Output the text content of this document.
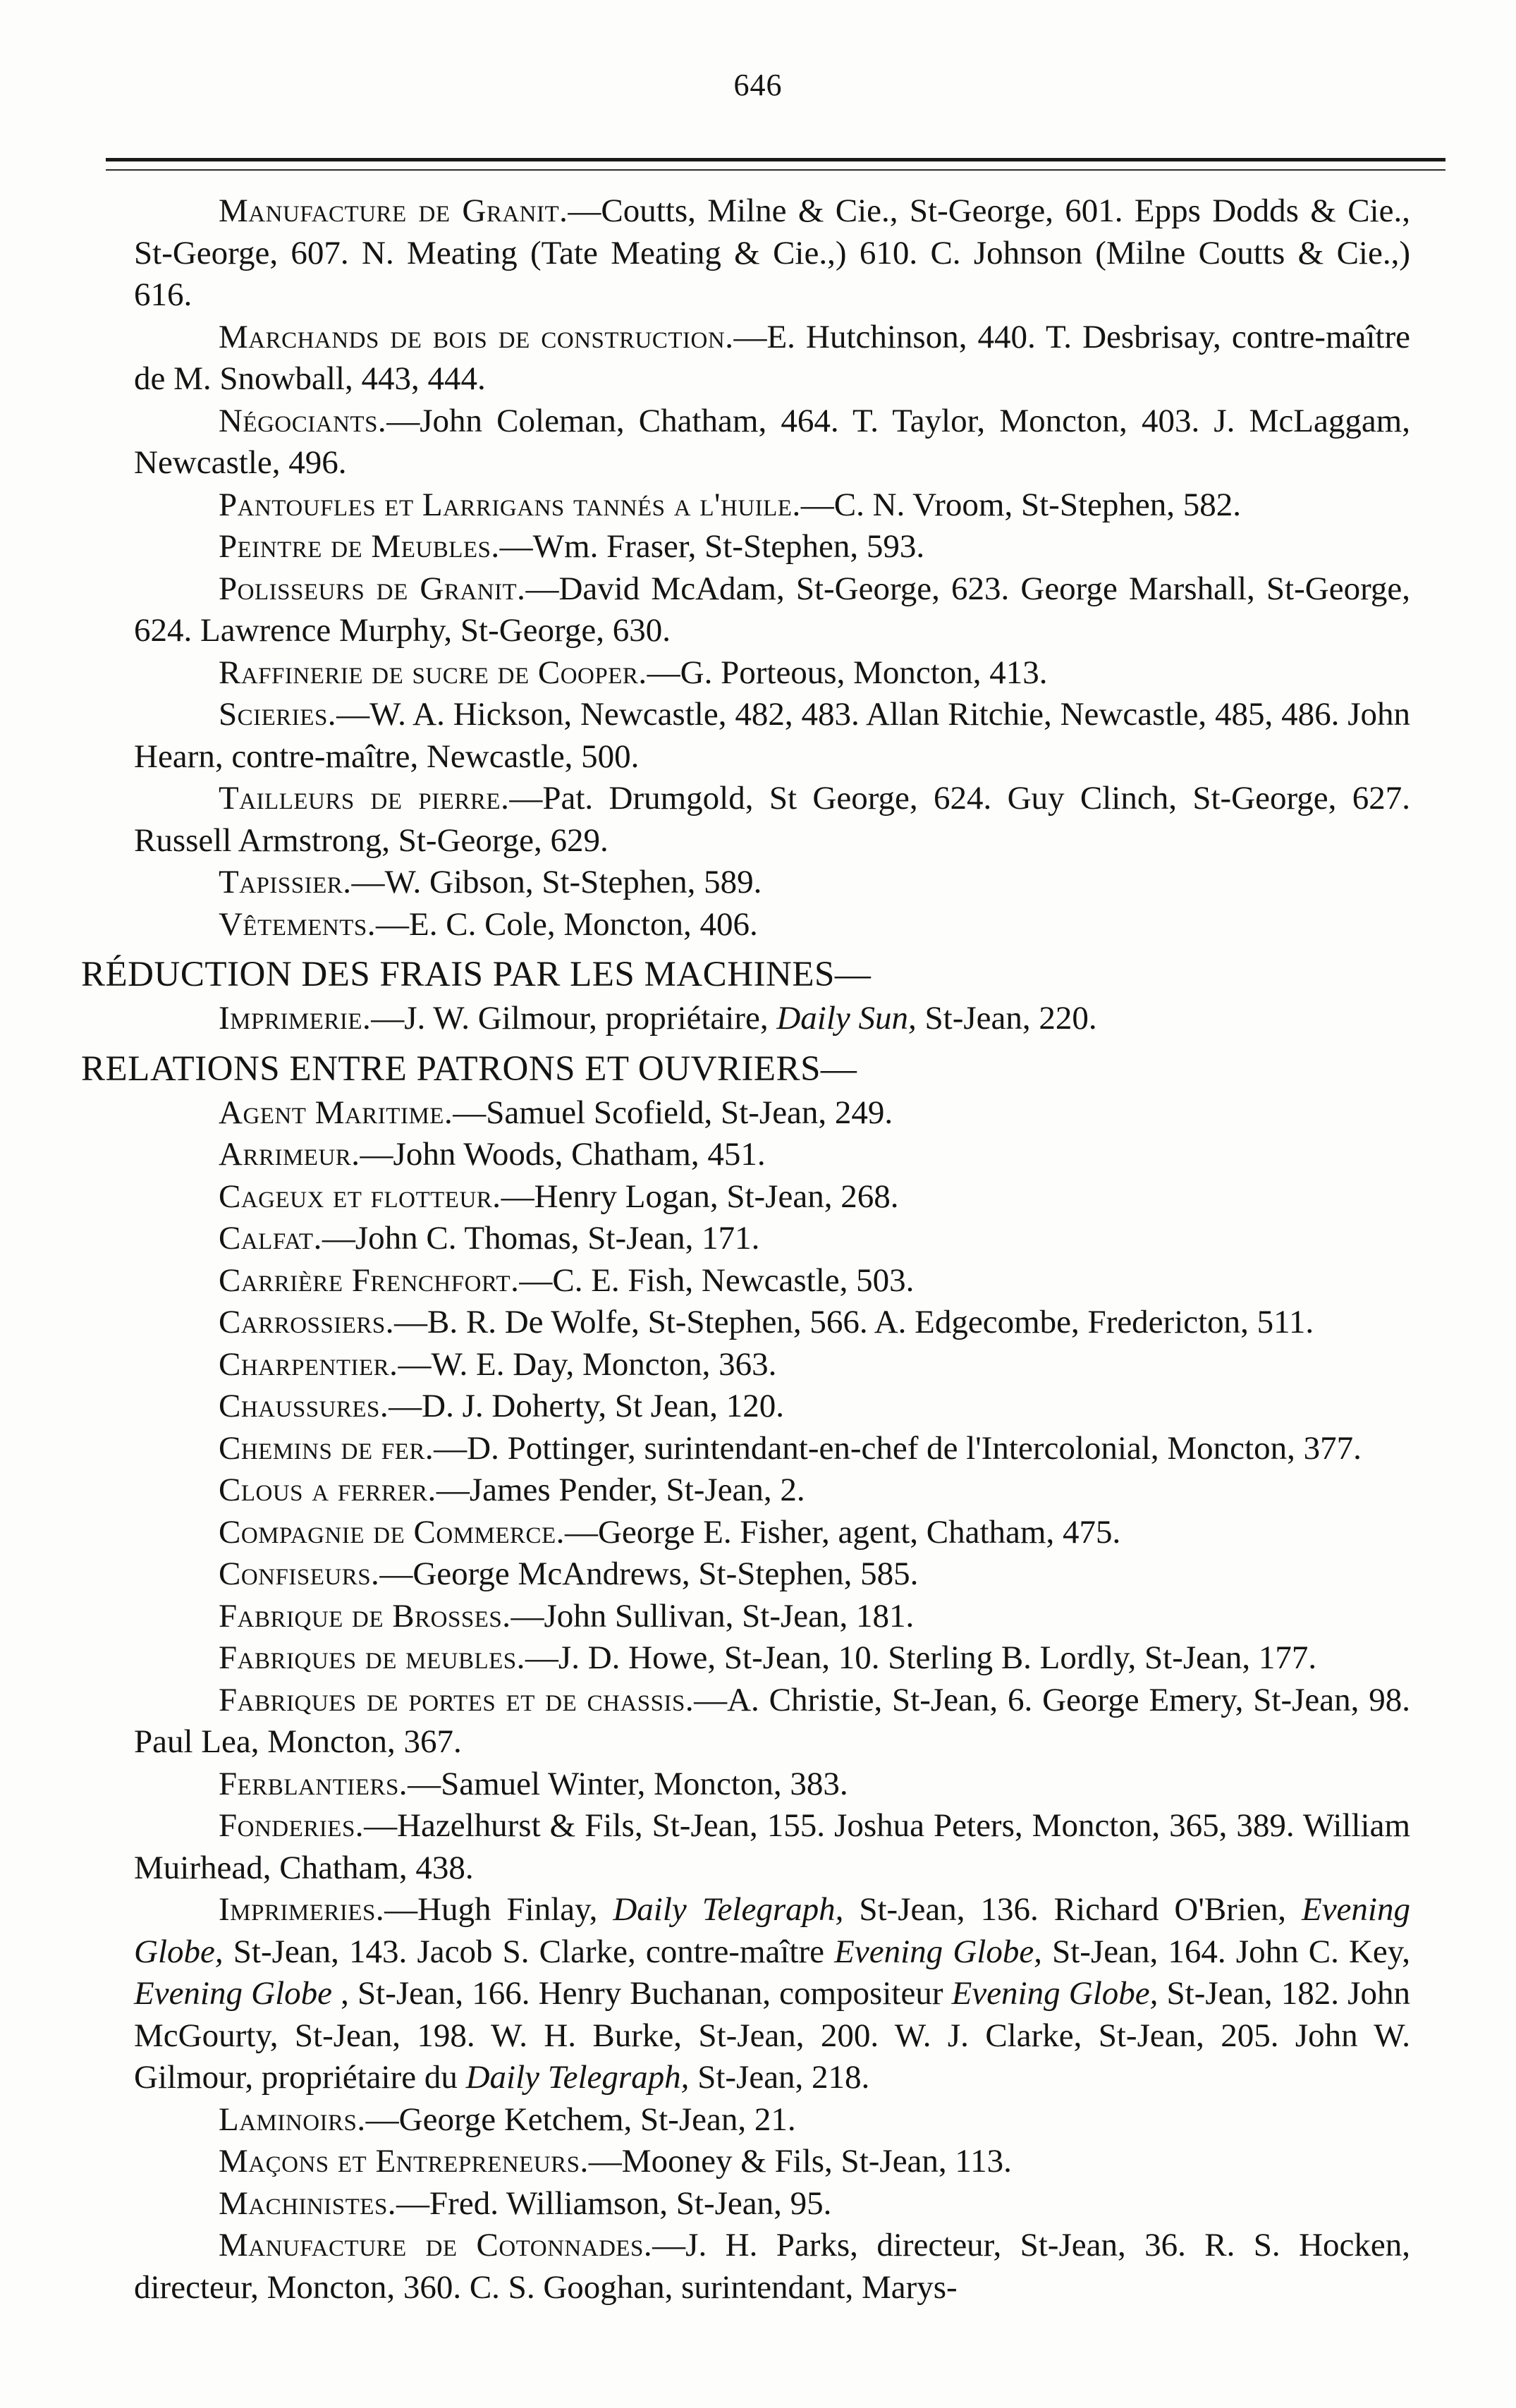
646

Manufacture de Granit.—Coutts, Milne & Cie., St-George, 601. Epps Dodds & Cie., St-George, 607. N. Meating (Tate Meating & Cie.,) 610. C. Johnson (Milne Coutts & Cie.,) 616.

Marchands de bois de construction.—E. Hutchinson, 440. T. Desbrisay, contre-maître de M. Snowball, 443, 444.

Négociants.—John Coleman, Chatham, 464. T. Taylor, Moncton, 403. J. McLaggam, Newcastle, 496.

Pantoufles et Larrigans tannés a l'huile.—C. N. Vroom, St-Stephen, 582.

Peintre de Meubles.—Wm. Fraser, St-Stephen, 593.

Polisseurs de Granit.—David McAdam, St-George, 623. George Marshall, St-George, 624. Lawrence Murphy, St-George, 630.

Raffinerie de sucre de Cooper.—G. Porteous, Moncton, 413.

Scieries.—W. A. Hickson, Newcastle, 482, 483. Allan Ritchie, Newcastle, 485, 486. John Hearn, contre-maître, Newcastle, 500.

Tailleurs de pierre.—Pat. Drumgold, St George, 624. Guy Clinch, St-George, 627. Russell Armstrong, St-George, 629.

Tapissier.—W. Gibson, St-Stephen, 589.

Vêtements.—E. C. Cole, Moncton, 406.

RÉDUCTION DES FRAIS PAR LES MACHINES—

Imprimerie.—J. W. Gilmour, propriétaire, Daily Sun, St-Jean, 220.

RELATIONS ENTRE PATRONS ET OUVRIERS—

Agent Maritime.—Samuel Scofield, St-Jean, 249.

Arrimeur.—John Woods, Chatham, 451.

Cageux et flotteur.—Henry Logan, St-Jean, 268.

Calfat.—John C. Thomas, St-Jean, 171.

Carrière Frenchfort.—C. E. Fish, Newcastle, 503.

Carrossiers.—B. R. De Wolfe, St-Stephen, 566. A. Edgecombe, Fredericton, 511.

Charpentier.—W. E. Day, Moncton, 363.

Chaussures.—D. J. Doherty, St Jean, 120.

Chemins de fer.—D. Pottinger, surintendant-en-chef de l'Intercolonial, Moncton, 377.

Clous a ferrer.—James Pender, St-Jean, 2.

Compagnie de Commerce.—George E. Fisher, agent, Chatham, 475.

Confiseurs.—George McAndrews, St-Stephen, 585.

Fabrique de Brosses.—John Sullivan, St-Jean, 181.

Fabriques de meubles.—J. D. Howe, St-Jean, 10. Sterling B. Lordly, St-Jean, 177.

Fabriques de portes et de chassis.—A. Christie, St-Jean, 6. George Emery, St-Jean, 98. Paul Lea, Moncton, 367.

Ferblantiers.—Samuel Winter, Moncton, 383.

Fonderies.—Hazelhurst & Fils, St-Jean, 155. Joshua Peters, Moncton, 365, 389. William Muirhead, Chatham, 438.

Imprimeries.—Hugh Finlay, Daily Telegraph, St-Jean, 136. Richard O'Brien, Evening Globe, St-Jean, 143. Jacob S. Clarke, contre-maître Evening Globe, St-Jean, 164. John C. Key, Evening Globe , St-Jean, 166. Henry Buchanan, compositeur Evening Globe, St-Jean, 182. John McGourty, St-Jean, 198. W. H. Burke, St-Jean, 200. W. J. Clarke, St-Jean, 205. John W. Gilmour, propriétaire du Daily Telegraph, St-Jean, 218.

Laminoirs.—George Ketchem, St-Jean, 21.

Maçons et Entrepreneurs.—Mooney & Fils, St-Jean, 113.

Machinistes.—Fred. Williamson, St-Jean, 95.

Manufacture de Cotonnades.—J. H. Parks, directeur, St-Jean, 36. R. S. Hocken, directeur, Moncton, 360. C. S. Googhan, surintendant, Marys-
